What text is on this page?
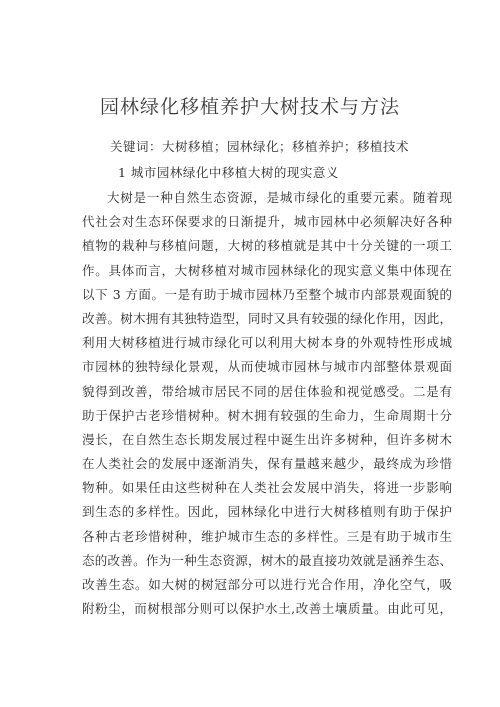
园林绿化移植养护大树技术与方法
关键词：大树移植；园林绿化；移植养护；移植技术
1 城市园林绿化中移植大树的现实意义
大树是一种自然生态资源，是城市绿化的重要元素。随着现
代社会对生态环保要求的日渐提升，城市园林中必须解决好各种
植物的栽种与移植问题，大树的移植就是其中十分关键的一项工
作。具体而言，大树移植对城市园林绿化的现实意义集中体现在
以下 3 方面。一是有助于城市园林乃至整个城市内部景观面貌的
改善。树木拥有其独特造型，同时又具有较强的绿化作用，因此，
利用大树移植进行城市绿化可以利用大树本身的外观特性形成城
市园林的独特绿化景观，从而使城市园林与城市内部整体景观面
貌得到改善，带给城市居民不同的居住体验和视觉感受。二是有
助于保护古老珍惜树种。树木拥有较强的生命力，生命周期十分
漫长，在自然生态长期发展过程中诞生出许多树种，但许多树木
在人类社会的发展中逐渐消失，保有量越来越少，最终成为珍惜
物种。如果任由这些树种在人类社会发展中消失，将进一步影响
到生态的多样性。因此，园林绿化中进行大树移植则有助于保护
各种古老珍惜树种，维护城市生态的多样性。三是有助于城市生
态的改善。作为一种生态资源，树木的最直接功效就是涵养生态、
改善生态。如大树的树冠部分可以进行光合作用，净化空气，吸
附粉尘，而树根部分则可以保护水土,改善土壤质量。由此可见，
